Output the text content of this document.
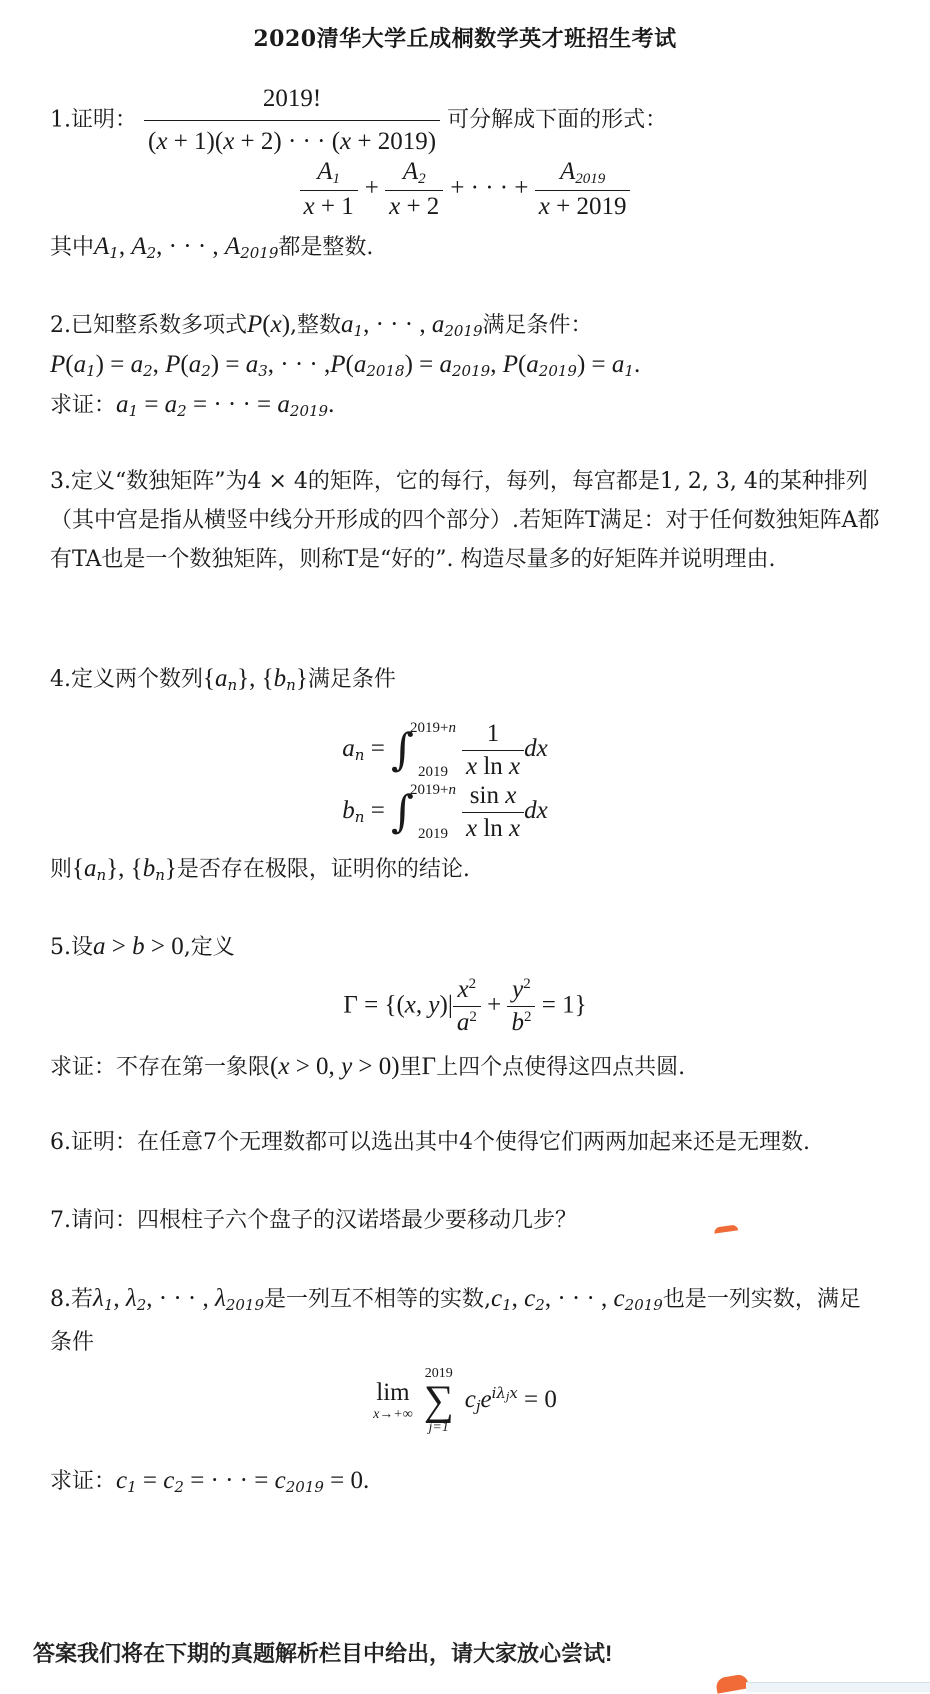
2020清华大学丘成桐数学英才班招生考试
1.证明： $\frac{2019!}{(x + 1)(x + 2) \cdot \cdot \cdot (x + 2019)}$ 可分解成下面的形式：
$\frac{A_1}{x + 1} + \frac{A_2}{x + 2}$ + · · · + $\frac{A_{2019}}{x + 2019}$
其中$A_1$, $A_2$, · · · , $A_{2019}$都是整数.
2.已知整系数多项式P(x),整数$a_1$, · · · , $a_{2019}$满足条件：
$P(a_1) = a_2$, $P(a_2) = a_3$, · · · $,P(a_{2018}) = a_{2019}$, $P(a_{2019}) = a_1$.
求证：$a_1 = a_2$ = · · · = $a_{2019}$.
3.定义“数独矩阵”为4 × 4的矩阵，它的每行，每列，每宫都是1, 2, 3, 4的某种排列（其中宫是指从横竖中线分开形成的四个部分）.若矩阵T满足：对于任何数独矩阵A都有TA也是一个数独矩阵，则称T是“好的”. 构造尽量多的好矩阵并说明理由.
4.定义两个数列$\{a_n\}$, $\{b_n\}$满足条件
$a_n = \int 2019+n$
$2019 \frac{1}{\text{x ln x}}$ dx
$b_n = \int 2019+n$
$2019 \frac{\text{sin x}}{\text{x ln x}}$ dx
则$\{a_n\}$, $\{b_n\}$是否存在极限，证明你的结论.
5.设a > b > 0,定义
Γ = {(x, $y)| \frac{x^2}{a^2} + \frac{y^2}{b^2} = 1$}
求证：不存在第一象限(x > 0, y > 0)里Γ上四个点使得这四点共圆.
6.证明：在任意7个无理数都可以选出其中4个使得它们两两加起来还是无理数.
7.请问：四根柱子六个盘子的汉诺塔最少要移动几步？
8.若$\lambda_1$, $\lambda_2$, · · · , $\lambda_{2019}$是一列互不相等的实数$,c_1$, $c_2$, · · · , $c_{2019}$也是一列实数，满足条件
lim
x→+∞

2019
∑
j=1
$c_je^{i\lambda_jx} = 0$
求证：$c_1 = c_2$ = · · · = $c_{2019} = 0$.
答案我们将在下期的真题解析栏目中给出，请大家放心尝试!
